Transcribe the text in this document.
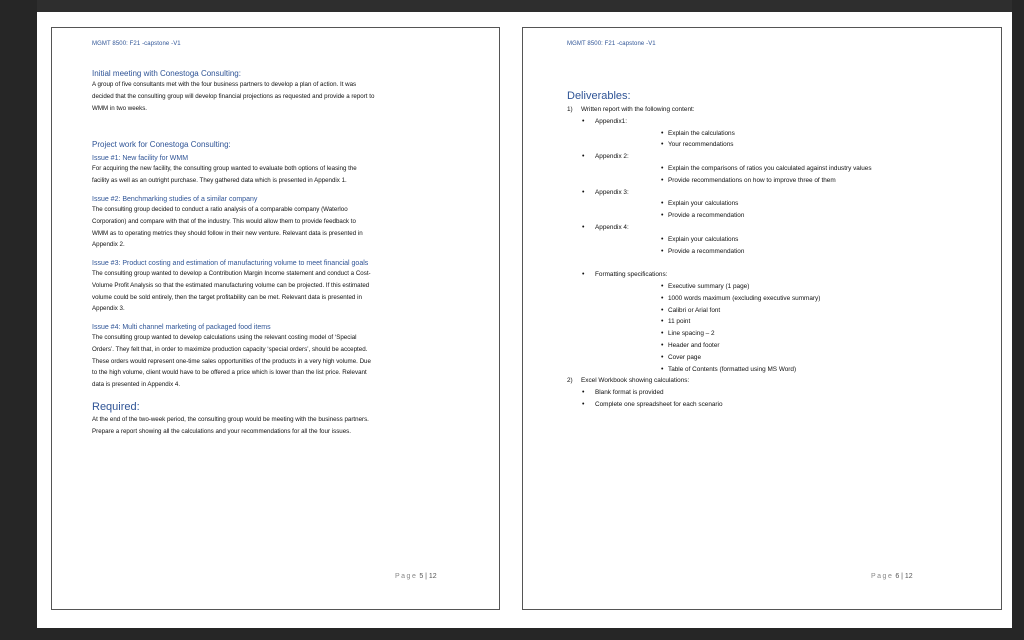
MGMT 8500: F21 -capstone -V1

Initial meeting with Conestoga Consulting:

A group of five consultants met with the four business partners to develop a plan of action. It was

decided that the consulting group will develop financial projections as requested and provide a report to

WMM in two weeks.

Project work for Conestoga Consulting:

Issue #1: New facility for WMM

For acquiring the new facility, the consulting group wanted to evaluate both options of leasing the

facility as well as an outright purchase. They gathered data which is presented in Appendix 1.

Issue #2: Benchmarking studies of a similar company

The consulting group decided to conduct a ratio analysis of a comparable company (Waterloo

Corporation) and compare with that of the industry. This would allow them to provide feedback to

WMM as to operating metrics they should follow in their new venture. Relevant data is presented in

Appendix 2.

Issue #3: Product costing and estimation of manufacturing volume to meet financial goals

The consulting group wanted to develop a Contribution Margin Income statement and conduct a Cost-

Volume Profit Analysis so that the estimated manufacturing volume can be projected. If this estimated

volume could be sold entirely, then the target profitability can be met. Relevant data is presented in

Appendix 3.

Issue #4: Multi channel marketing of packaged food items

The consulting group wanted to develop calculations using the relevant costing model of ‘Special

Orders’. They felt that, in order to maximize production capacity ‘special orders’, should be accepted.

These orders would represent one-time sales opportunities of the products in a very high volume. Due

to the high volume, client would have to be offered a price which is lower than the list price. Relevant

data is presented in Appendix 4.

Required:

At the end of the two-week period, the consulting group would be meeting with the business partners.

Prepare a report showing all the calculations and your recommendations for all the four issues.

Page 5 | 12
MGMT 8500: F21 -capstone -V1

Deliverables:

1)	Written report with the following content:
• Appendix1:
• Explain the calculations
• Your recommendations
• Appendix 2:
• Explain the comparisons of ratios you calculated against industry values
• Provide recommendations on how to improve three of them
• Appendix 3:
• Explain your calculations
• Provide a recommendation
• Appendix 4:
• Explain your calculations
• Provide a recommendation
• Formatting specifications:
• Executive summary (1 page)
• 1000 words maximum (excluding executive summary)
• Calibri or Arial font
• 11 point
• Line spacing – 2
• Header and footer
• Cover page
• Table of Contents (formatted using MS Word)
2)	Excel Workbook showing calculations:
• Blank format is provided
• Complete one spreadsheet for each scenario
Page 6 | 12
